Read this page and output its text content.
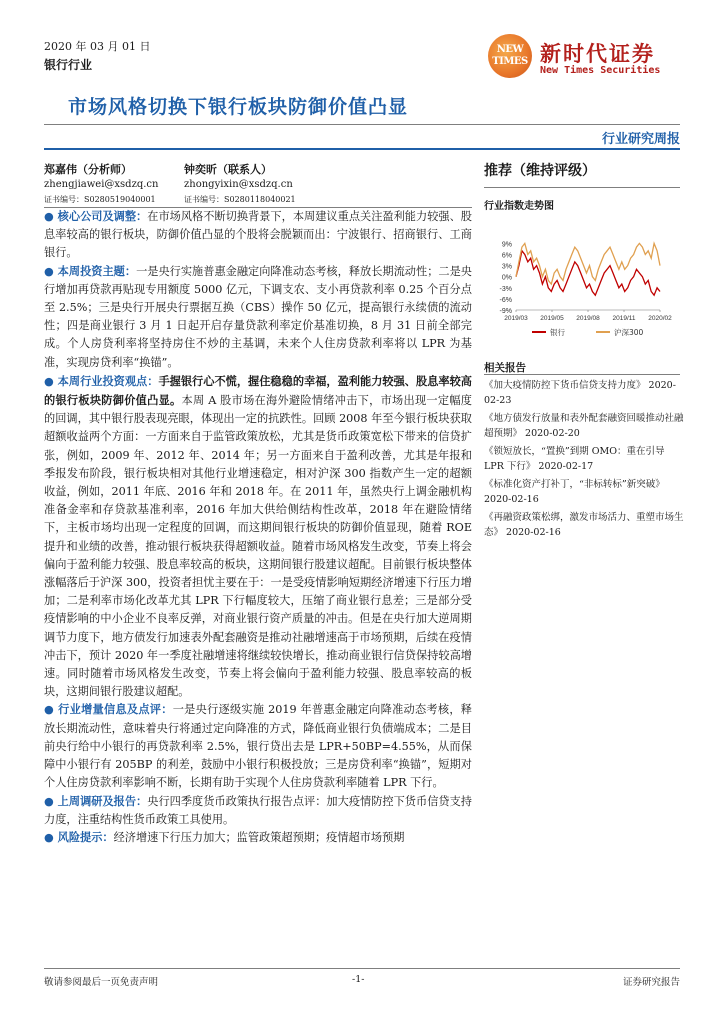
2020 年 03 月 01 日
银行行业
NEW
TIMES 新时代证券
New Times Securities
市场风格切换下银行板块防御价值凸显
行业研究周报
郑嘉伟（分析师）
zhengjiawei@xsdzq.cn
证书编号：S0280519040001
钟奕昕（联系人）
zhongyixin@xsdzq.cn
证书编号：S0280118040021

● 核心公司及调整：在市场风格不断切换背景下，本周建议重点关注盈利能力较强、股息率较高的银行板块，防御价值凸显的个股将会脱颖而出：宁波银行、招商银行、工商银行。

● 本周投资主题：一是央行实施普惠金融定向降准动态考核，释放长期流动性；二是央行增加再贷款再贴现专用额度 5000 亿元，下调支农、支小再贷款利率 0.25 个百分点至 2.5%；三是央行开展央行票据互换（CBS）操作 50 亿元，提高银行永续债的流动性；四是商业银行 3 月 1 日起开启存量贷款利率定价基准切换，8 月 31 日前全部完成。个人房贷利率将坚持房住不炒的主基调，未来个人住房贷款利率将以 LPR 为基准，实现房贷利率“换锚”。

● 本周行业投资观点：手握银行心不慌，握住稳稳的幸福，盈利能力较强、股息率较高的银行板块防御价值凸显。本周 A 股市场在海外避险情绪冲击下，市场出现一定幅度的回调，其中银行股表现亮眼，体现出一定的抗跌性。回顾 2008 年至今银行板块获取超额收益两个方面：一方面来自于监管政策放松，尤其是货币政策宽松下带来的信贷扩张，例如，2009 年、2012 年、2014 年；另一方面来自于盈利改善，尤其是年报和季报发布阶段，银行板块相对其他行业增速稳定，相对沪深 300 指数产生一定的超额收益，例如，2011 年底、2016 年和 2018 年。在 2011 年，虽然央行上调金融机构准备金率和存贷款基准利率，2016 年加大供给侧结构性改革，2018 年在避险情绪下，主板市场均出现一定程度的回调，而这期间银行板块的防御价值显现，随着 ROE 提升和业绩的改善，推动银行板块获得超额收益。随着市场风格发生改变，节奏上将会偏向于盈利能力较强、股息率较高的板块，这期间银行股建议超配。目前银行板块整体涨幅落后于沪深 300，投资者担忧主要在于：一是受疫情影响短期经济增速下行压力增加；二是利率市场化改革尤其 LPR 下行幅度较大，压缩了商业银行息差；三是部分受疫情影响的中小企业不良率反弹，对商业银行资产质量的冲击。但是在央行加大逆周期调节力度下，地方债发行加速表外配套融资是推动社融增速高于市场预期，后续在疫情冲击下，预计 2020 年一季度社融增速将继续较快增长，推动商业银行信贷保持较高增速。同时随着市场风格发生改变，节奏上将会偏向于盈利能力较强、股息率较高的板块，这期间银行股建议超配。

● 行业增量信息及点评：一是央行逐级实施 2019 年普惠金融定向降准动态考核，释放长期流动性，意味着央行将通过定向降准的方式，降低商业银行负债端成本；二是目前央行给中小银行的再贷款利率 2.5%，银行贷出去是 LPR+50BP=4.55%，从而保障中小银行有 205BP 的利差，鼓励中小银行积极投放；三是房贷利率“换锚”，短期对个人住房贷款利率影响不断，长期有助于实现个人住房贷款利率随着 LPR 下行。

● 上周调研及报告：央行四季度货币政策执行报告点评：加大疫情防控下货币信贷支持力度，注重结构性货币政策工具使用。

● 风险提示：经济增速下行压力加大；监管政策超预期；疫情超市场预期

推荐（维持评级）
行业指数走势图
9%
6%
3%
0%
-3%
-6%
-9%
2019/03 2019/05 2019/08 2019/11 2020/02
银行	沪深300
相关报告
《加大疫情防控下货币信贷支持力度》 2020-02-23
《地方债发行放量和表外配套融资回暖推动社融超预期》 2020-02-20
《锁短放长，“置换”到期 OMO：重在引导 LPR 下行》 2020-02-17
《标准化资产打补丁，“非标转标”新突破》 2020-02-16
《再融资政策松绑，激发市场活力、重塑市场生态》 2020-02-16
敬请参阅最后一页免责声明	-1-	证券研究报告
